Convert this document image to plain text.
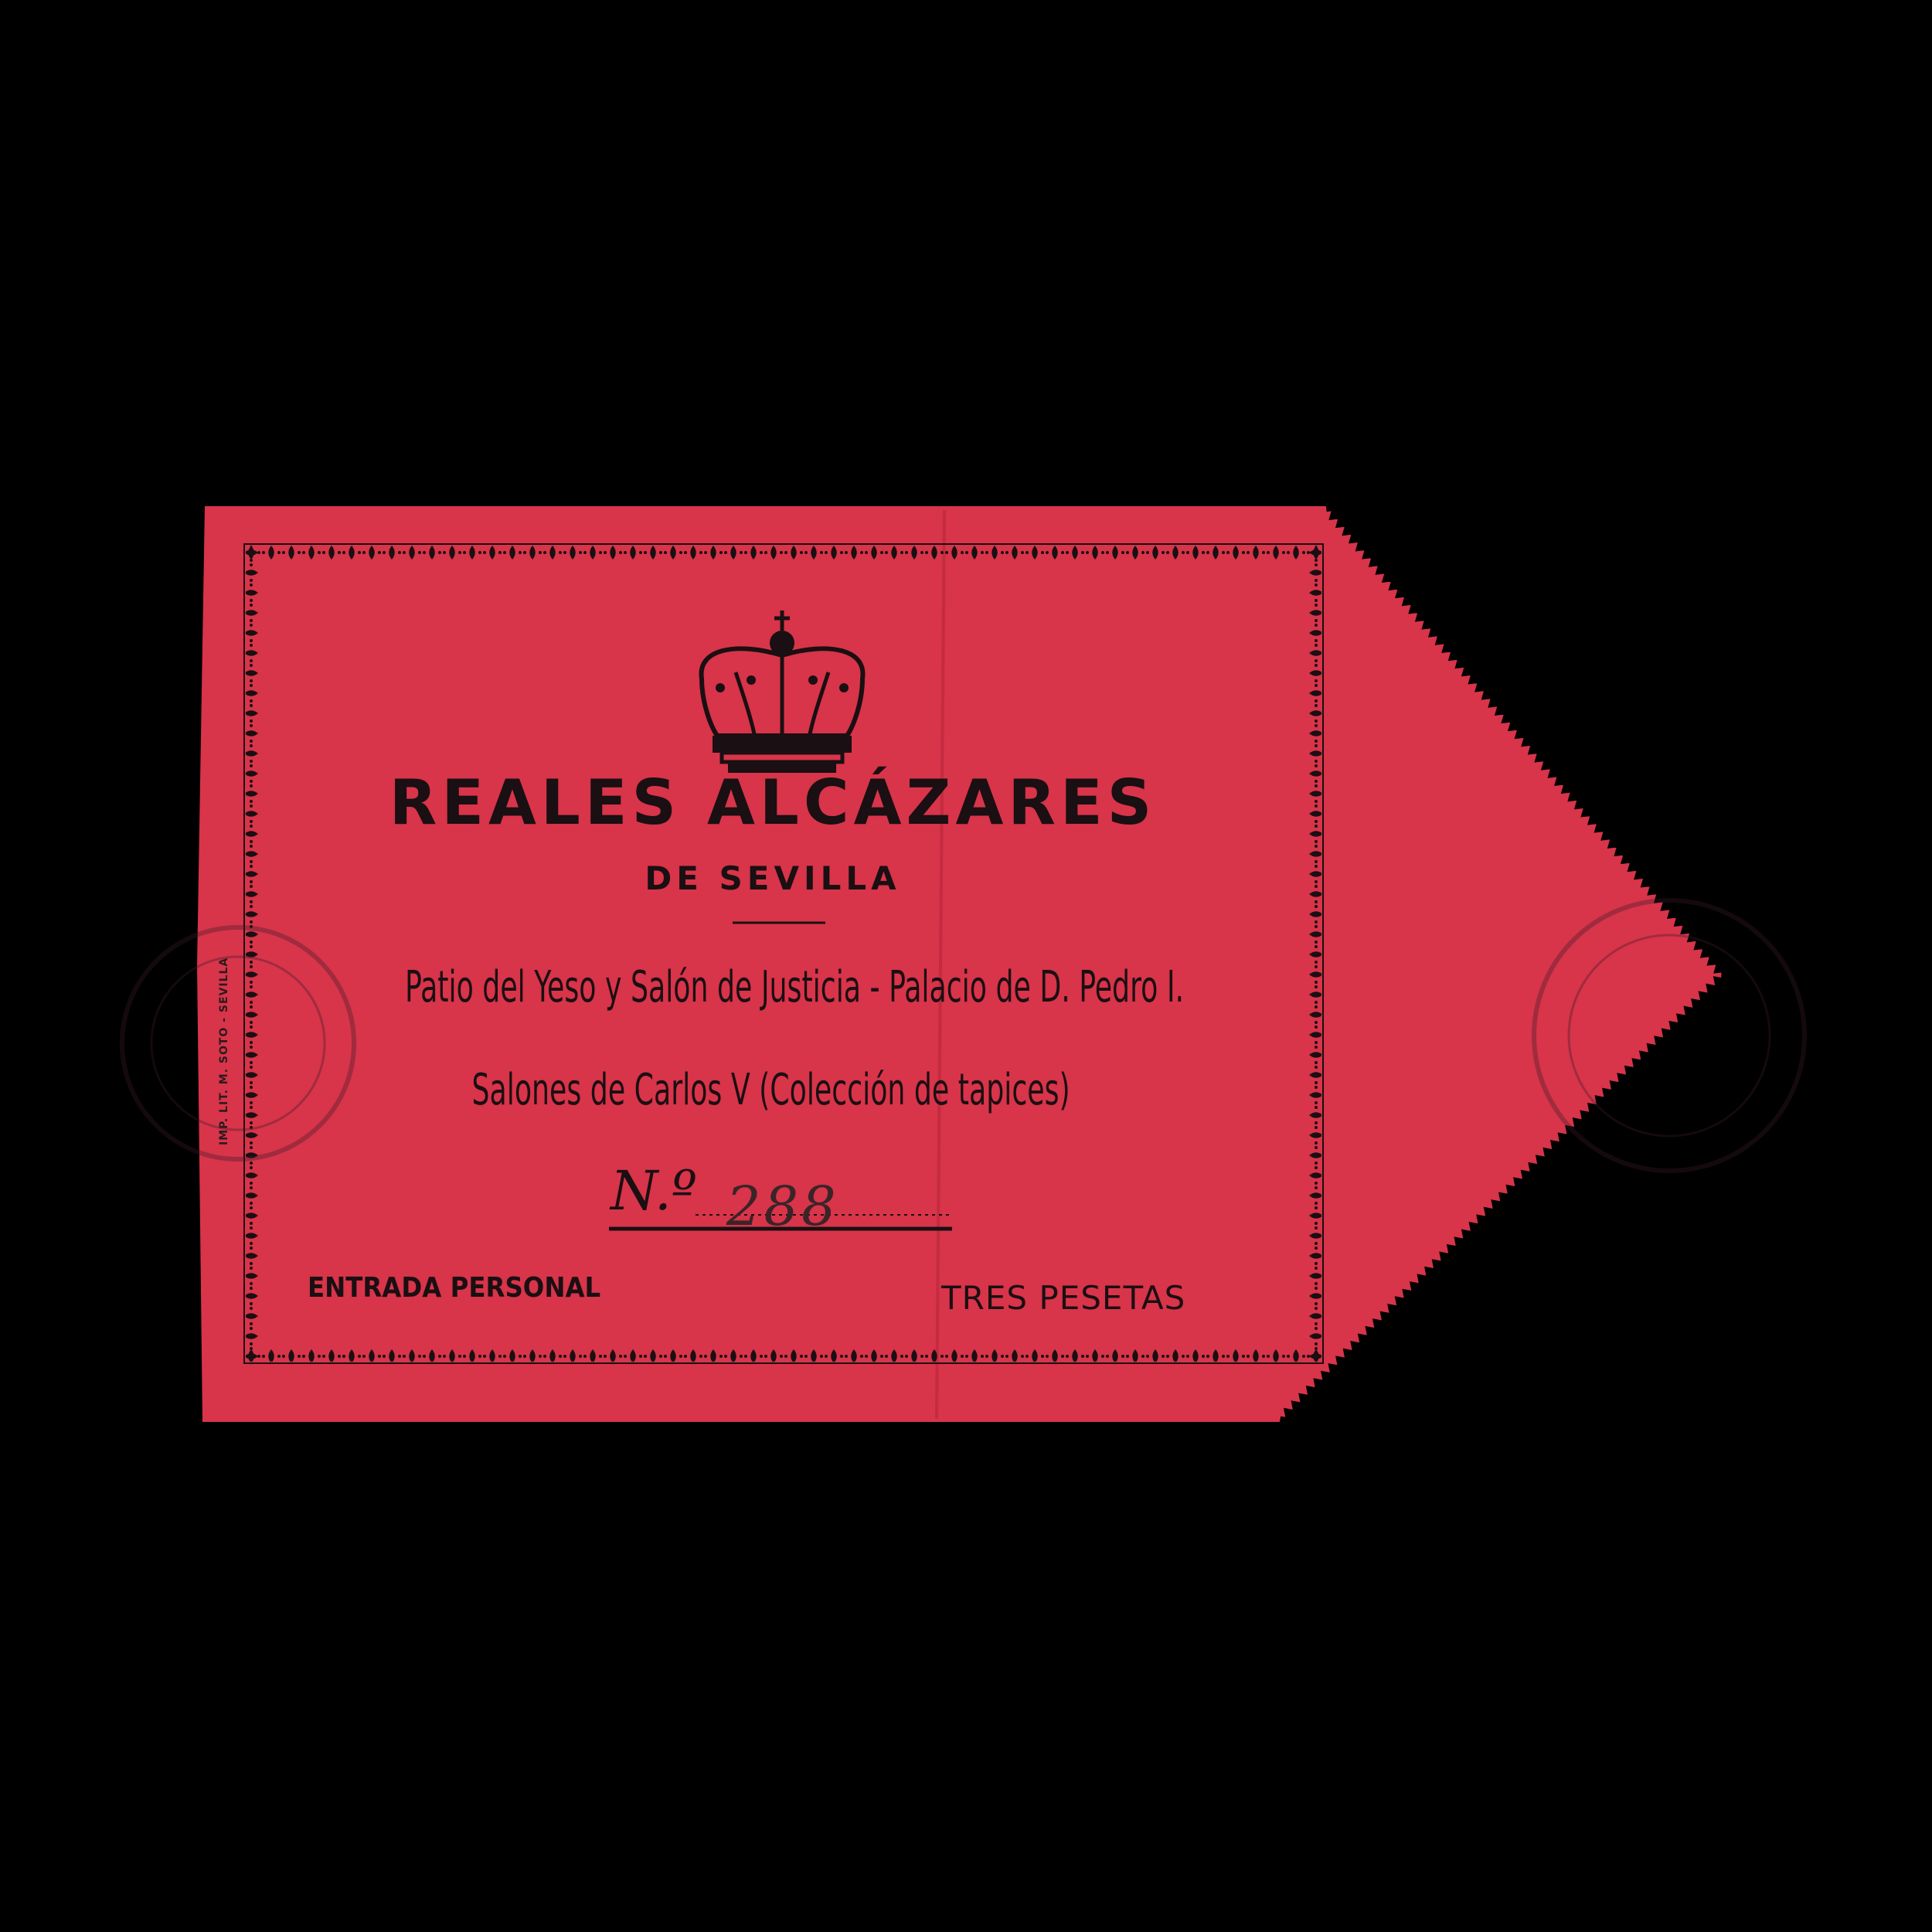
REALES ALCÁZARES
DE SEVILLA
Patio del Yeso y Salón de Justicia - Palacio de D. Pedro I.
Salones de Carlos V (Colección de tapices)
N.º 288
ENTRADA PERSONAL	TRES PESETAS
IMP. LIT. M. SOTO - SEVILLA
